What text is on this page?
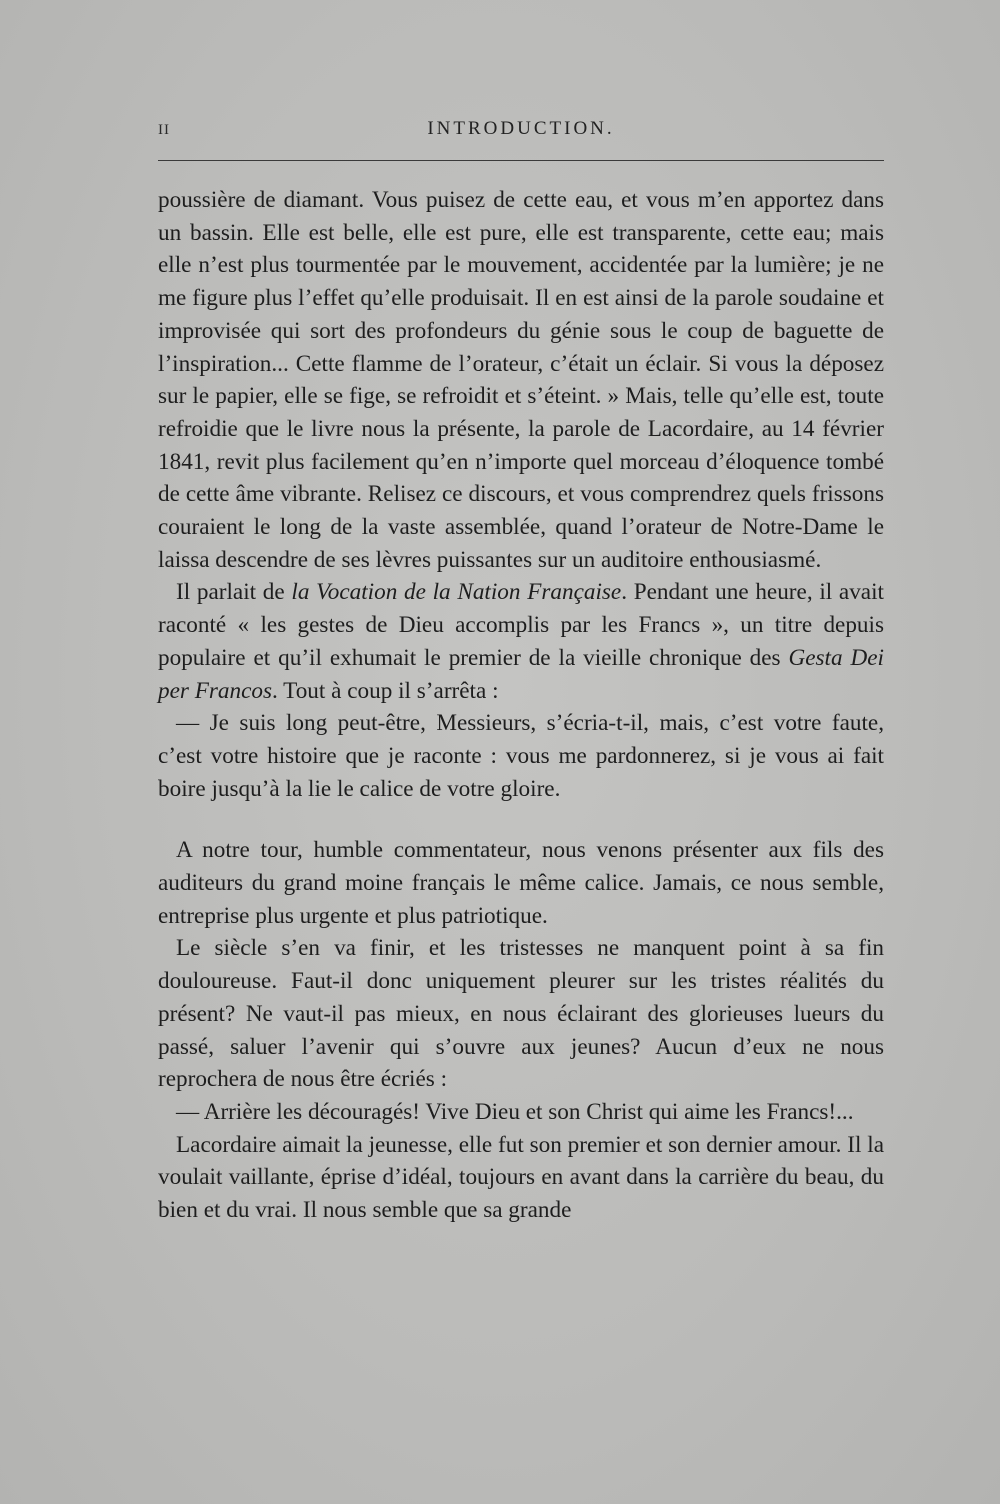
II	INTRODUCTION.

poussière de diamant. Vous puisez de cette eau, et vous m’en apportez dans un bassin. Elle est belle, elle est pure, elle est transparente, cette eau; mais elle n’est plus tourmentée par le mouvement, accidentée par la lumière; je ne me figure plus l’effet qu’elle produisait. Il en est ainsi de la parole soudaine et improvisée qui sort des profondeurs du génie sous le coup de baguette de l’inspiration... Cette flamme de l’orateur, c’était un éclair. Si vous la déposez sur le papier, elle se fige, se refroidit et s’éteint. » Mais, telle qu’elle est, toute refroidie que le livre nous la présente, la parole de Lacordaire, au 14 février 1841, revit plus facilement qu’en n’importe quel morceau d’éloquence tombé de cette âme vibrante. Relisez ce discours, et vous comprendrez quels frissons couraient le long de la vaste assemblée, quand l’orateur de Notre-Dame le laissa descendre de ses lèvres puissantes sur un auditoire enthousiasmé.

Il parlait de la Vocation de la Nation Française. Pendant une heure, il avait raconté « les gestes de Dieu accomplis par les Francs », un titre depuis populaire et qu’il exhumait le premier de la vieille chronique des Gesta Dei per Francos. Tout à coup il s’arrêta :

— Je suis long peut-être, Messieurs, s’écria-t-il, mais, c’est votre faute, c’est votre histoire que je raconte : vous me pardonnerez, si je vous ai fait boire jusqu’à la lie le calice de votre gloire.

A notre tour, humble commentateur, nous venons présenter aux fils des auditeurs du grand moine français le même calice. Jamais, ce nous semble, entreprise plus urgente et plus patriotique.

Le siècle s’en va finir, et les tristesses ne manquent point à sa fin douloureuse. Faut-il donc uniquement pleurer sur les tristes réalités du présent? Ne vaut-il pas mieux, en nous éclairant des glorieuses lueurs du passé, saluer l’avenir qui s’ouvre aux jeunes? Aucun d’eux ne nous reprochera de nous être écriés :

— Arrière les découragés! Vive Dieu et son Christ qui aime les Francs!...

Lacordaire aimait la jeunesse, elle fut son premier et son dernier amour. Il la voulait vaillante, éprise d’idéal, toujours en avant dans la carrière du beau, du bien et du vrai. Il nous semble que sa grande
